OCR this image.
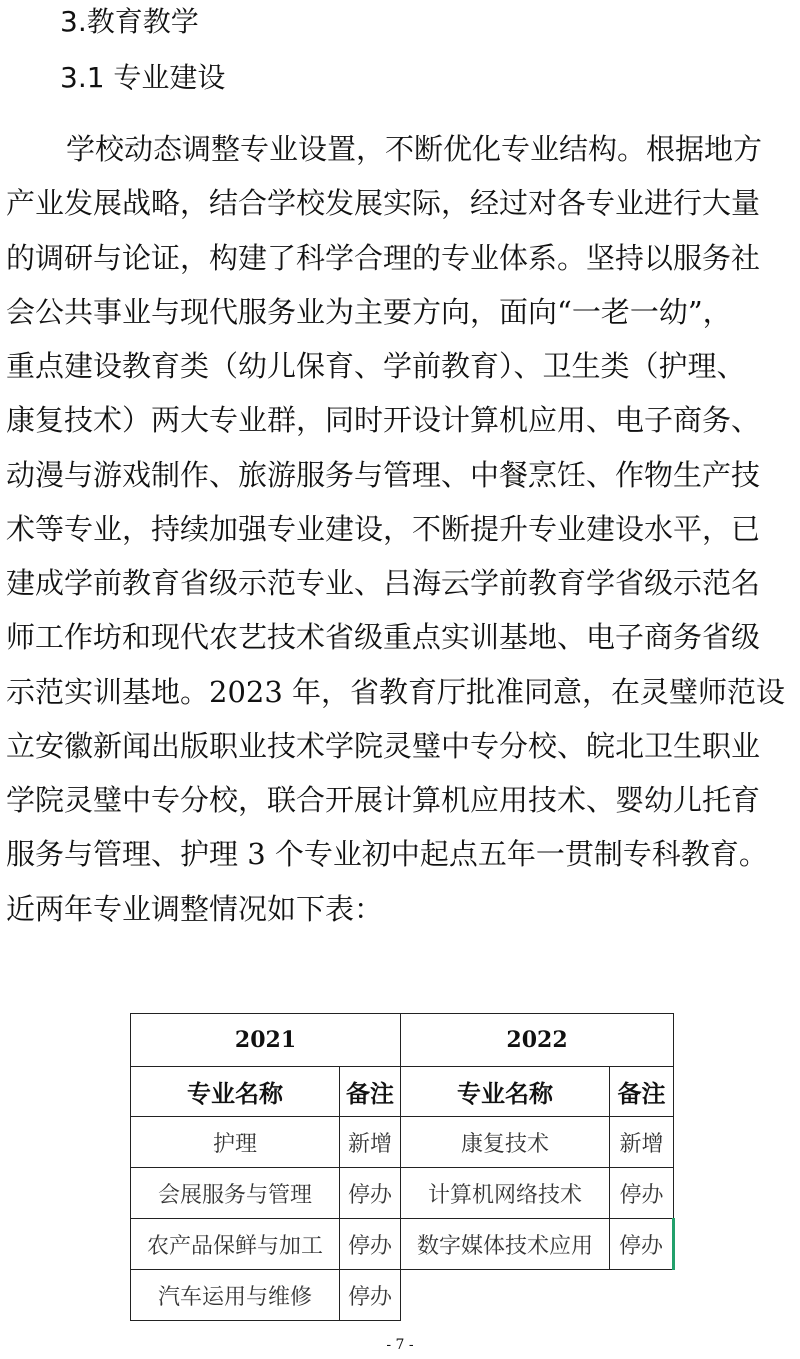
3.教育教学
3.1 专业建设
学校动态调整专业设置，不断优化专业结构。根据地方
产业发展战略，结合学校发展实际，经过对各专业进行大量
的调研与论证，构建了科学合理的专业体系。坚持以服务社
会公共事业与现代服务业为主要方向，面向“一老一幼”，
重点建设教育类（幼儿保育、学前教育）、卫生类（护理、
康复技术）两大专业群，同时开设计算机应用、电子商务、
动漫与游戏制作、旅游服务与管理、中餐烹饪、作物生产技
术等专业，持续加强专业建设，不断提升专业建设水平，已
建成学前教育省级示范专业、吕海云学前教育学省级示范名
师工作坊和现代农艺技术省级重点实训基地、电子商务省级
示范实训基地。2023 年，省教育厅批准同意，在灵璧师范设
立安徽新闻出版职业技术学院灵璧中专分校、皖北卫生职业
学院灵璧中专分校，联合开展计算机应用技术、婴幼儿托育
服务与管理、护理 3 个专业初中起点五年一贯制专科教育。
近两年专业调整情况如下表：
2021		2022	
专业名称	备注	专业名称	备注
护理	新增	康复技术	新增
会展服务与管理	停办	计算机网络技术	停办
农产品保鲜与加工	停办	数字媒体技术应用	停办
汽车运用与维修	停办		
- 7 -
